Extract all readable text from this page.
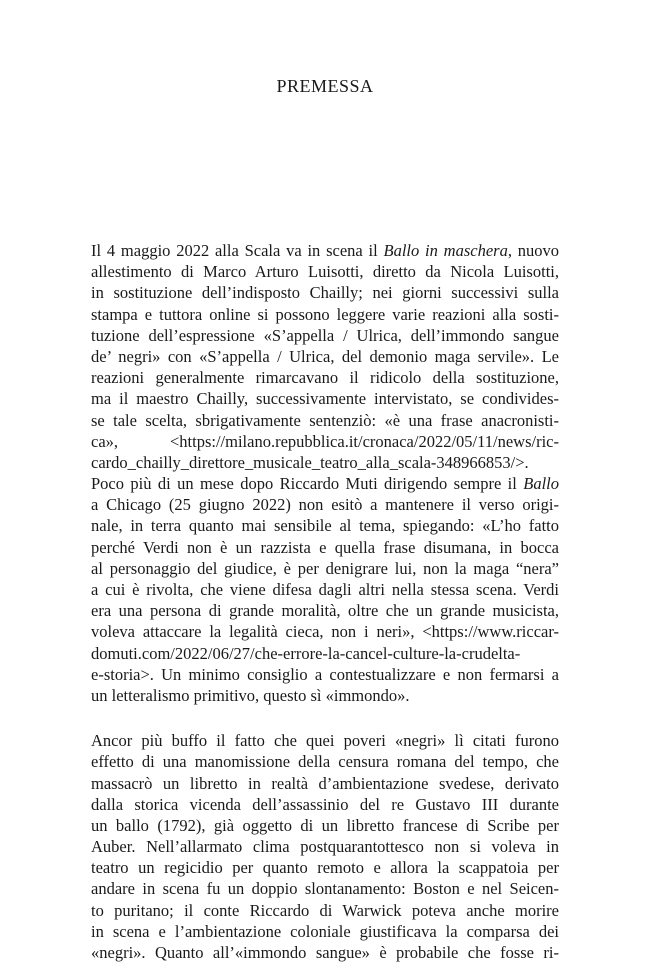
PREMESSA
Il 4 maggio 2022 alla Scala va in scena il Ballo in maschera, nuovo
allestimento di Marco Arturo Luisotti, diretto da Nicola Luisotti,
in sostituzione dell’indisposto Chailly; nei giorni successivi sulla
stampa e tuttora online si possono leggere varie reazioni alla sosti-
tuzione dell’espressione «S’appella / Ulrica, dell’immondo sangue
de’ negri» con «S’appella / Ulrica, del demonio maga servile». Le
reazioni generalmente rimarcavano il ridicolo della sostituzione,
ma il maestro Chailly, successivamente intervistato, se condivides-
se tale scelta, sbrigativamente sentenziò: «è una frase anacronisti-
ca», <https://milano.repubblica.it/cronaca/2022/05/11/news/ric-
cardo_chailly_direttore_musicale_teatro_alla_scala-348966853/>.
Poco più di un mese dopo Riccardo Muti dirigendo sempre il Ballo
a Chicago (25 giugno 2022) non esitò a mantenere il verso origi-
nale, in terra quanto mai sensibile al tema, spiegando: «L’ho fatto
perché Verdi non è un razzista e quella frase disumana, in bocca
al personaggio del giudice, è per denigrare lui, non la maga “nera”
a cui è rivolta, che viene difesa dagli altri nella stessa scena. Verdi
era una persona di grande moralità, oltre che un grande musicista,
voleva attaccare la legalità cieca, non i neri», <https://www.riccar-
domuti.com/2022/06/27/che-errore-la-cancel-culture-la-crudelta-
e-storia>. Un minimo consiglio a contestualizzare e non fermarsi a
un letteralismo primitivo, questo sì «immondo».
Ancor più buffo il fatto che quei poveri «negri» lì citati furono
effetto di una manomissione della censura romana del tempo, che
massacrò un libretto in realtà d’ambientazione svedese, derivato
dalla storica vicenda dell’assassinio del re Gustavo III durante
un ballo (1792), già oggetto di un libretto francese di Scribe per
Auber. Nell’allarmato clima postquarantottesco non si voleva in
teatro un regicidio per quanto remoto e allora la scappatoia per
andare in scena fu un doppio slontanamento: Boston e nel Seicen-
to puritano; il conte Riccardo di Warwick poteva anche morire
in scena e l’ambientazione coloniale giustificava la comparsa dei
«negri». Quanto all’«immondo sangue» è probabile che fosse ri-
